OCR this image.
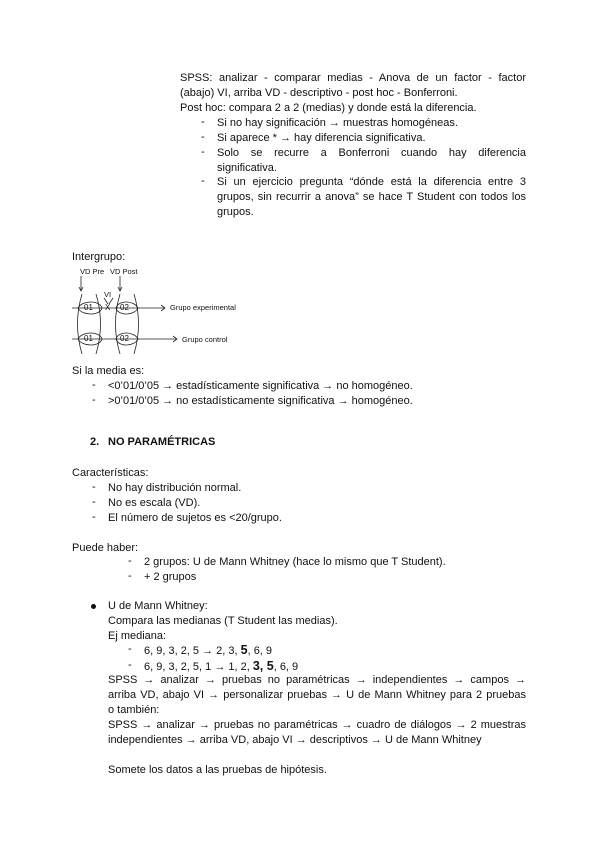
SPSS: analizar - comparar medias - Anova de un factor - factor
(abajo) VI, arriba VD - descriptivo - post hoc - Bonferroni.
Post hoc: compara 2 a 2 (medias) y donde está la diferencia.
- Si no hay significación → muestras homogéneas.
- Si aparece * → hay diferencia significativa.
- Solo se recurre a Bonferroni cuando hay diferencia
significativa.
- Si un ejercicio pregunta “dónde está la diferencia entre 3
grupos, sin recurrir a anova” se hace T Student con todos los
grupos.
Intergrupo:
VD Pre VD Post
VI
01 X 02
01	02
Grupo experimental
Grupo control
Si la media es:
- <0’01/0’05 → estadísticamente significativa → no homogéneo.
- >0’01/0’05 → no estadísticamente significativa → homogéneo.
2. NO PARAMÉTRICAS
Características:
- No hay distribución normal.
- No es escala (VD).
- El número de sujetos es <20/grupo.
Puede haber:
- 2 grupos: U de Mann Whitney (hace lo mismo que T Student).
- + 2 grupos
U de Mann Whitney:
Compara las medianas (T Student las medias).
Ej mediana:
- 6, 9, 3, 2, 5 → 2, 3, 5, 6, 9
- 6, 9, 3, 2, 5, 1 → 1, 2, 3, 5, 6, 9
SPSS → analizar → pruebas no paramétricas → independientes → campos →
arriba VD, abajo VI → personalizar pruebas → U de Mann Whitney para 2 pruebas
o también:
SPSS → analizar → pruebas no paramétricas → cuadro de diálogos → 2 muestras
independientes → arriba VD, abajo VI → descriptivos → U de Mann Whitney
Somete los datos a las pruebas de hipótesis.
